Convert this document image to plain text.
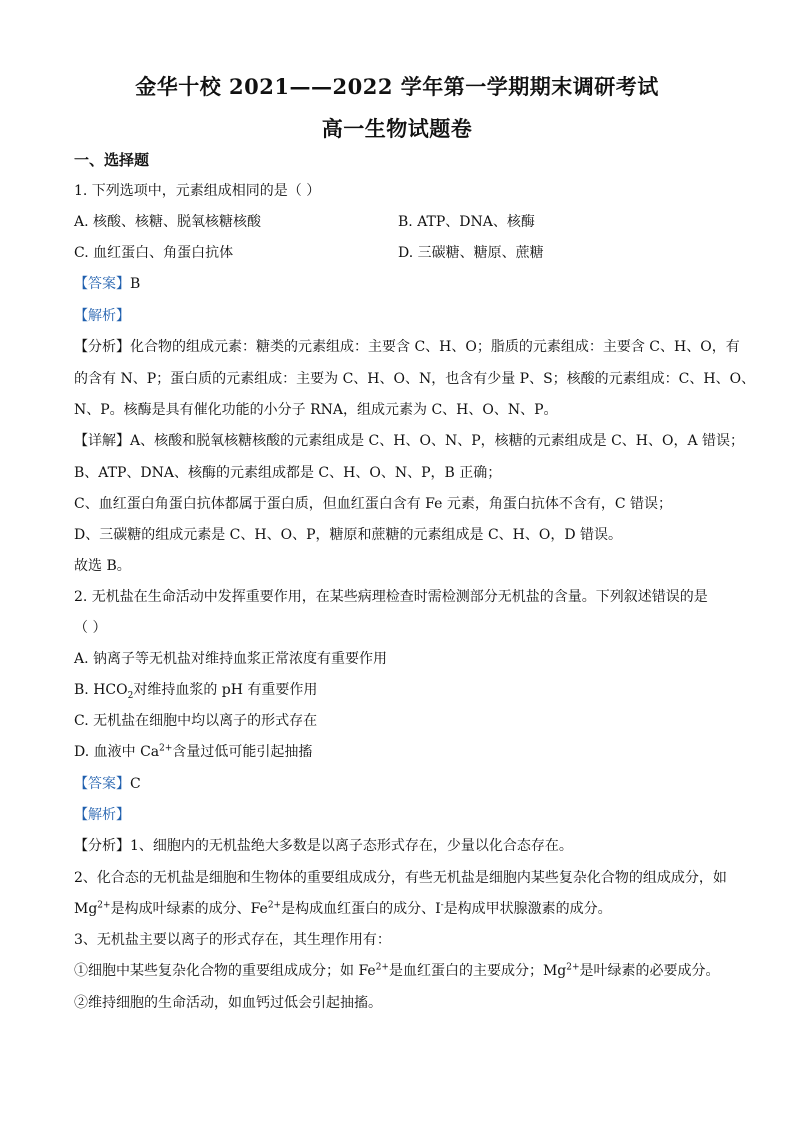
金华十校 2021——2022 学年第一学期期末调研考试
高一生物试题卷
一、选择题
1. 下列选项中，元素组成相同的是（ ）
A. 核酸、核糖、脱氧核糖核酸	B. ATP、DNA、核酶
C. 血红蛋白、角蛋白抗体	D. 三碳糖、糖原、蔗糖
【答案】B
【解析】
【分析】化合物的组成元素：糖类的元素组成：主要含 C、H、O；脂质的元素组成：主要含 C、H、O，有
的含有 N、P；蛋白质的元素组成：主要为 C、H、O、N，也含有少量 P、S；核酸的元素组成：C、H、O、
N、P。核酶是具有催化功能的小分子 RNA，组成元素为 C、H、O、N、P。
【详解】A、核酸和脱氧核糖核酸的元素组成是 C、H、O、N、P，核糖的元素组成是 C、H、O，A 错误；
B、ATP、DNA、核酶的元素组成都是 C、H、O、N、P，B 正确；
C、血红蛋白角蛋白抗体都属于蛋白质，但血红蛋白含有 Fe 元素，角蛋白抗体不含有，C 错误；
D、三碳糖的组成元素是 C、H、O、P，糖原和蔗糖的元素组成是 C、H、O，D 错误。
故选 B。
2. 无机盐在生命活动中发挥重要作用，在某些病理检查时需检测部分无机盐的含量。下列叙述错误的是
（ ）
A. 钠离子等无机盐对维持血浆正常浓度有重要作用
B. $HCO_2$对维持血浆的 pH 有重要作用
C. 无机盐在细胞中均以离子的形式存在
D. 血液中 $Ca^{2+}$含量过低可能引起抽搐
【答案】C
【解析】
【分析】1、细胞内的无机盐绝大多数是以离子态形式存在，少量以化合态存在。
2、化合态的无机盐是细胞和生物体的重要组成成分，有些无机盐是细胞内某些复杂化合物的组成成分，如
$Mg^{2+}$是构成叶绿素的成分、$Fe^{2+}$是构成血红蛋白的成分、I-是构成甲状腺激素的成分。
3、无机盐主要以离子的形式存在，其生理作用有：
①细胞中某些复杂化合物的重要组成成分；如 $Fe^{2+}$是血红蛋白的主要成分；$Mg^{2+}$是叶绿素的必要成分。
②维持细胞的生命活动，如血钙过低会引起抽搐。
